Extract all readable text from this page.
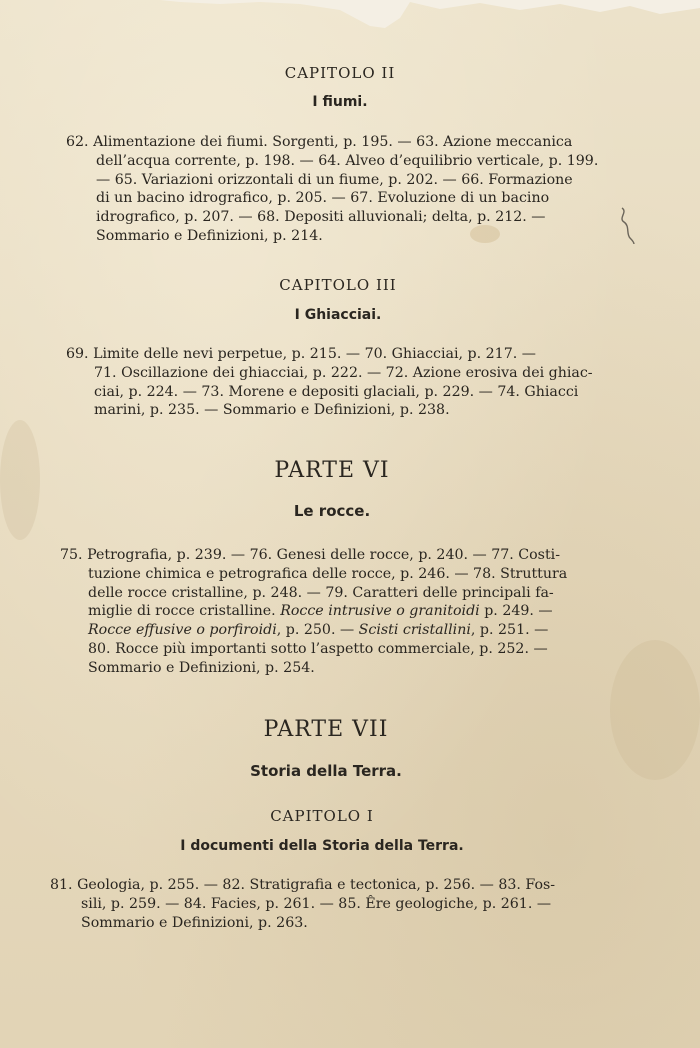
CAPITOLO II
I fiumi.
62. Alimentazione dei fiumi. Sorgenti, p. 195. — 63. Azione meccanica
dell’acqua corrente, p. 198. — 64. Alveo d’equilibrio verticale, p. 199.
— 65. Variazioni orizzontali di un fiume, p. 202. — 66. Formazione
di un bacino idrografico, p. 205. — 67. Evoluzione di un bacino
idrografico, p. 207. — 68. Depositi alluvionali; delta, p. 212. —
Sommario e Definizioni, p. 214.
CAPITOLO III
I Ghiacciai.
69. Limite delle nevi perpetue, p. 215. — 70. Ghiacciai, p. 217. —
71. Oscillazione dei ghiacciai, p. 222. — 72. Azione erosiva dei ghiac-
ciai, p. 224. — 73. Morene e depositi glaciali, p. 229. — 74. Ghiacci
marini, p. 235. — Sommario e Definizioni, p. 238.
PARTE VI
Le rocce.
75. Petrografia, p. 239. — 76. Genesi delle rocce, p. 240. — 77. Costi-
tuzione chimica e petrografica delle rocce, p. 246. — 78. Struttura
delle rocce cristalline, p. 248. — 79. Caratteri delle principali fa-
miglie di rocce cristalline. Rocce intrusive o granitoidi p. 249. —
Rocce effusive o porfiroidi, p. 250. — Scisti cristallini, p. 251. —
80. Rocce più importanti sotto l’aspetto commerciale, p. 252. —
Sommario e Definizioni, p. 254.
PARTE VII
Storia della Terra.
CAPITOLO I
I documenti della Storia della Terra.
81. Geologia, p. 255. — 82. Stratigrafia e tectonica, p. 256. — 83. Fos-
sili, p. 259. — 84. Facies, p. 261. — 85. Êre geologiche, p. 261. —
Sommario e Definizioni, p. 263.
